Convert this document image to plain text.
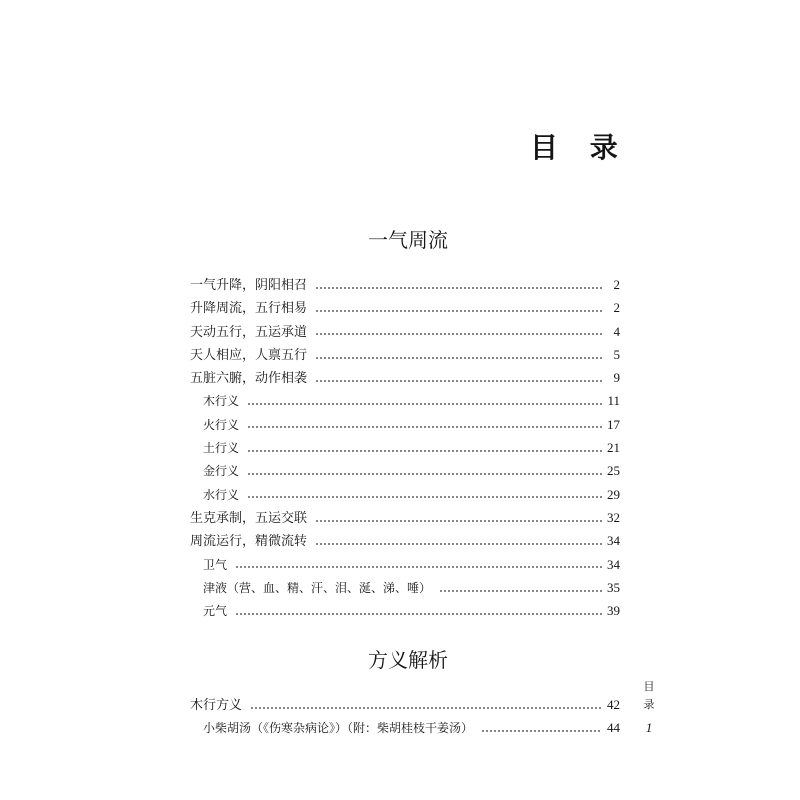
目 录
一气周流
一气升降，阴阳相召	2
升降周流，五行相易	2
天动五行，五运承道	4
天人相应，人禀五行	5
五脏六腑，动作相袭	9
木行义	11
火行义	17
土行义	21
金行义	25
水行义	29
生克承制，五运交联	32
周流运行，精微流转	34
卫气	34
津液（营、血、精、汗、泪、涎、涕、唾）	35
元气	39
方义解析
木行方义	42
小柴胡汤（《伤寒杂病论》）（附：柴胡桂枝干姜汤）	44
目
录
1
